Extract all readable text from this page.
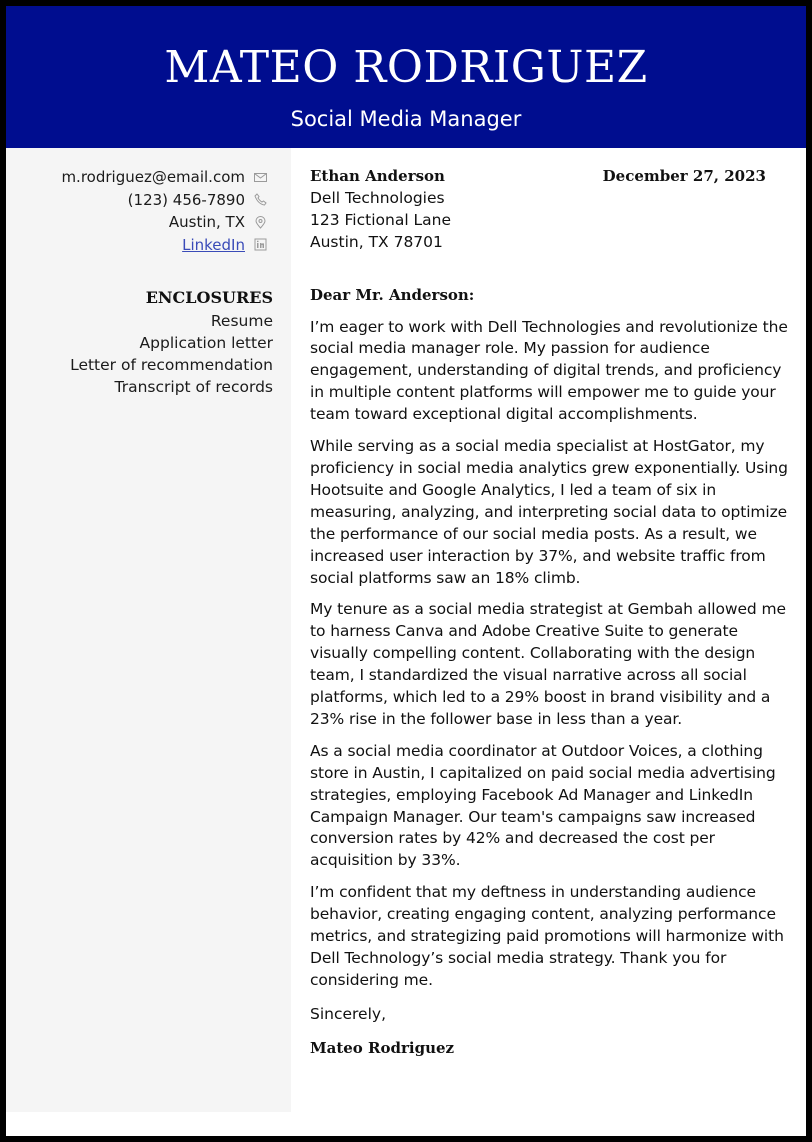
MATEO RODRIGUEZ
Social Media Manager
m.rodriguez@email.com
(123) 456-7890
Austin, TX
LinkedIn
ENCLOSURES
Resume
Application letter
Letter of recommendation
Transcript of records
Ethan Anderson	December 27, 2023
Dell Technologies
123 Fictional Lane
Austin, TX 78701
Dear Mr. Anderson:
I’m eager to work with Dell Technologies and revolutionize the social media manager role. My passion for audience engagement, understanding of digital trends, and proficiency in multiple content platforms will empower me to guide your team toward exceptional digital accomplishments.
While serving as a social media specialist at HostGator, my proficiency in social media analytics grew exponentially. Using Hootsuite and Google Analytics, I led a team of six in measuring, analyzing, and interpreting social data to optimize the performance of our social media posts. As a result, we increased user interaction by 37%, and website traffic from social platforms saw an 18% climb.
My tenure as a social media strategist at Gembah allowed me to harness Canva and Adobe Creative Suite to generate visually compelling content. Collaborating with the design team, I standardized the visual narrative across all social platforms, which led to a 29% boost in brand visibility and a 23% rise in the follower base in less than a year.
As a social media coordinator at Outdoor Voices, a clothing store in Austin, I capitalized on paid social media advertising strategies, employing Facebook Ad Manager and LinkedIn Campaign Manager. Our team's campaigns saw increased conversion rates by 42% and decreased the cost per acquisition by 33%.
I’m confident that my deftness in understanding audience behavior, creating engaging content, analyzing performance metrics, and strategizing paid promotions will harmonize with Dell Technology’s social media strategy. Thank you for considering me.
Sincerely,
Mateo Rodriguez
